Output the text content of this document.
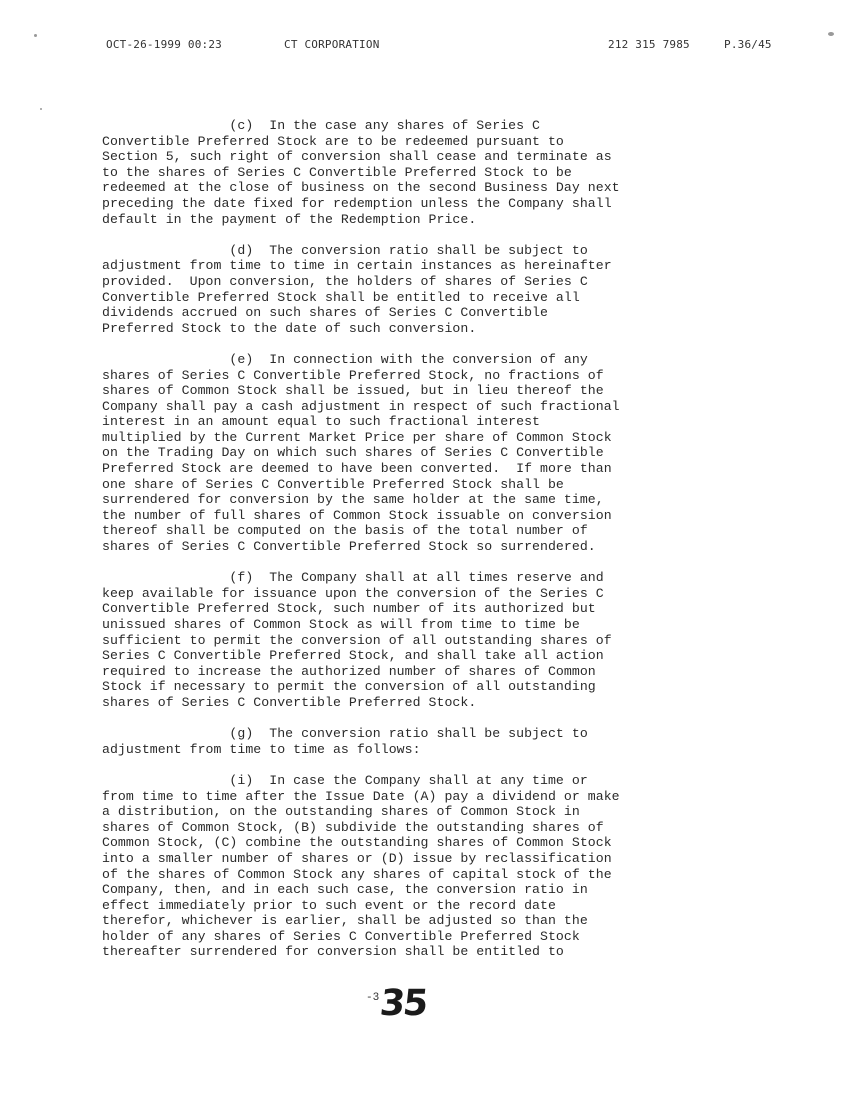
OCT-26-1999 00:23	CT CORPORATION	212 315 7985	P.36/45
(c)  In the case any shares of Series C
Convertible Preferred Stock are to be redeemed pursuant to
Section 5, such right of conversion shall cease and terminate as
to the shares of Series C Convertible Preferred Stock to be
redeemed at the close of business on the second Business Day next
preceding the date fixed for redemption unless the Company shall
default in the payment of the Redemption Price.
(d)  The conversion ratio shall be subject to
adjustment from time to time in certain instances as hereinafter
provided.  Upon conversion, the holders of shares of Series C
Convertible Preferred Stock shall be entitled to receive all
dividends accrued on such shares of Series C Convertible
Preferred Stock to the date of such conversion.
(e)  In connection with the conversion of any
shares of Series C Convertible Preferred Stock, no fractions of
shares of Common Stock shall be issued, but in lieu thereof the
Company shall pay a cash adjustment in respect of such fractional
interest in an amount equal to such fractional interest
multiplied by the Current Market Price per share of Common Stock
on the Trading Day on which such shares of Series C Convertible
Preferred Stock are deemed to have been converted.  If more than
one share of Series C Convertible Preferred Stock shall be
surrendered for conversion by the same holder at the same time,
the number of full shares of Common Stock issuable on conversion
thereof shall be computed on the basis of the total number of
shares of Series C Convertible Preferred Stock so surrendered.
(f)  The Company shall at all times reserve and
keep available for issuance upon the conversion of the Series C
Convertible Preferred Stock, such number of its authorized but
unissued shares of Common Stock as will from time to time be
sufficient to permit the conversion of all outstanding shares of
Series C Convertible Preferred Stock, and shall take all action
required to increase the authorized number of shares of Common
Stock if necessary to permit the conversion of all outstanding
shares of Series C Convertible Preferred Stock.
(g)  The conversion ratio shall be subject to
adjustment from time to time as follows:
(i)  In case the Company shall at any time or
from time to time after the Issue Date (A) pay a dividend or make
a distribution, on the outstanding shares of Common Stock in
shares of Common Stock, (B) subdivide the outstanding shares of
Common Stock, (C) combine the outstanding shares of Common Stock
into a smaller number of shares or (D) issue by reclassification
of the shares of Common Stock any shares of capital stock of the
Company, then, and in each such case, the conversion ratio in
effect immediately prior to such event or the record date
therefor, whichever is earlier, shall be adjusted so than the
holder of any shares of Series C Convertible Preferred Stock
thereafter surrendered for conversion shall be entitled to
-3
35
